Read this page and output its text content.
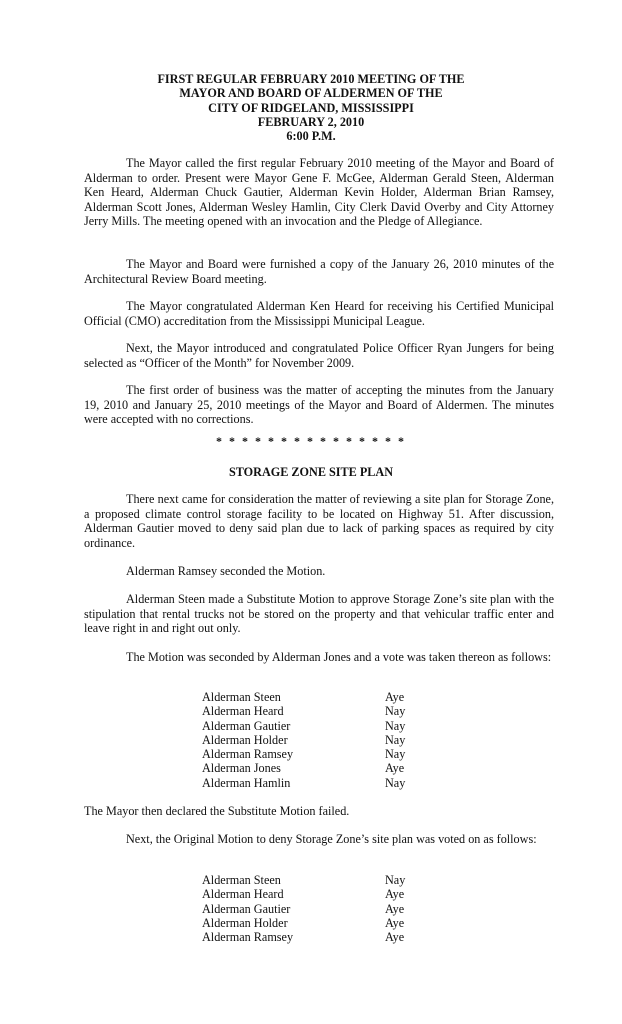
FIRST REGULAR FEBRUARY 2010 MEETING OF THE
MAYOR AND BOARD OF ALDERMEN OF THE
CITY OF RIDGELAND, MISSISSIPPI
FEBRUARY 2, 2010
6:00 P.M.
The Mayor called the first regular February 2010 meeting of the Mayor and Board of Alderman to order. Present were Mayor Gene F. McGee, Alderman Gerald Steen, Alderman Ken Heard, Alderman Chuck Gautier, Alderman Kevin Holder, Alderman Brian Ramsey, Alderman Scott Jones, Alderman Wesley Hamlin, City Clerk David Overby and City Attorney Jerry Mills. The meeting opened with an invocation and the Pledge of Allegiance.
The Mayor and Board were furnished a copy of the January 26, 2010 minutes of the Architectural Review Board meeting.
The Mayor congratulated Alderman Ken Heard for receiving his Certified Municipal Official (CMO) accreditation from the Mississippi Municipal League.
Next, the Mayor introduced and congratulated Police Officer Ryan Jungers for being selected as “Officer of the Month” for November 2009.
The first order of business was the matter of accepting the minutes from the January 19, 2010 and January 25, 2010 meetings of the Mayor and Board of Aldermen. The minutes were accepted with no corrections.
* * * * * * * * * * * * * * *
STORAGE ZONE SITE PLAN
There next came for consideration the matter of reviewing a site plan for Storage Zone, a proposed climate control storage facility to be located on Highway 51. After discussion, Alderman Gautier moved to deny said plan due to lack of parking spaces as required by city ordinance.
Alderman Ramsey seconded the Motion.
Alderman Steen made a Substitute Motion to approve Storage Zone’s site plan with the stipulation that rental trucks not be stored on the property and that vehicular traffic enter and leave right in and right out only.
The Motion was seconded by Alderman Jones and a vote was taken thereon as follows:
Alderman Steen	Aye
Alderman Heard	Nay
Alderman Gautier	Nay
Alderman Holder	Nay
Alderman Ramsey	Nay
Alderman Jones	Aye
Alderman Hamlin	Nay
The Mayor then declared the Substitute Motion failed.
Next, the Original Motion to deny Storage Zone’s site plan was voted on as follows:
Alderman Steen	Nay
Alderman Heard	Aye
Alderman Gautier	Aye
Alderman Holder	Aye
Alderman Ramsey	Aye
